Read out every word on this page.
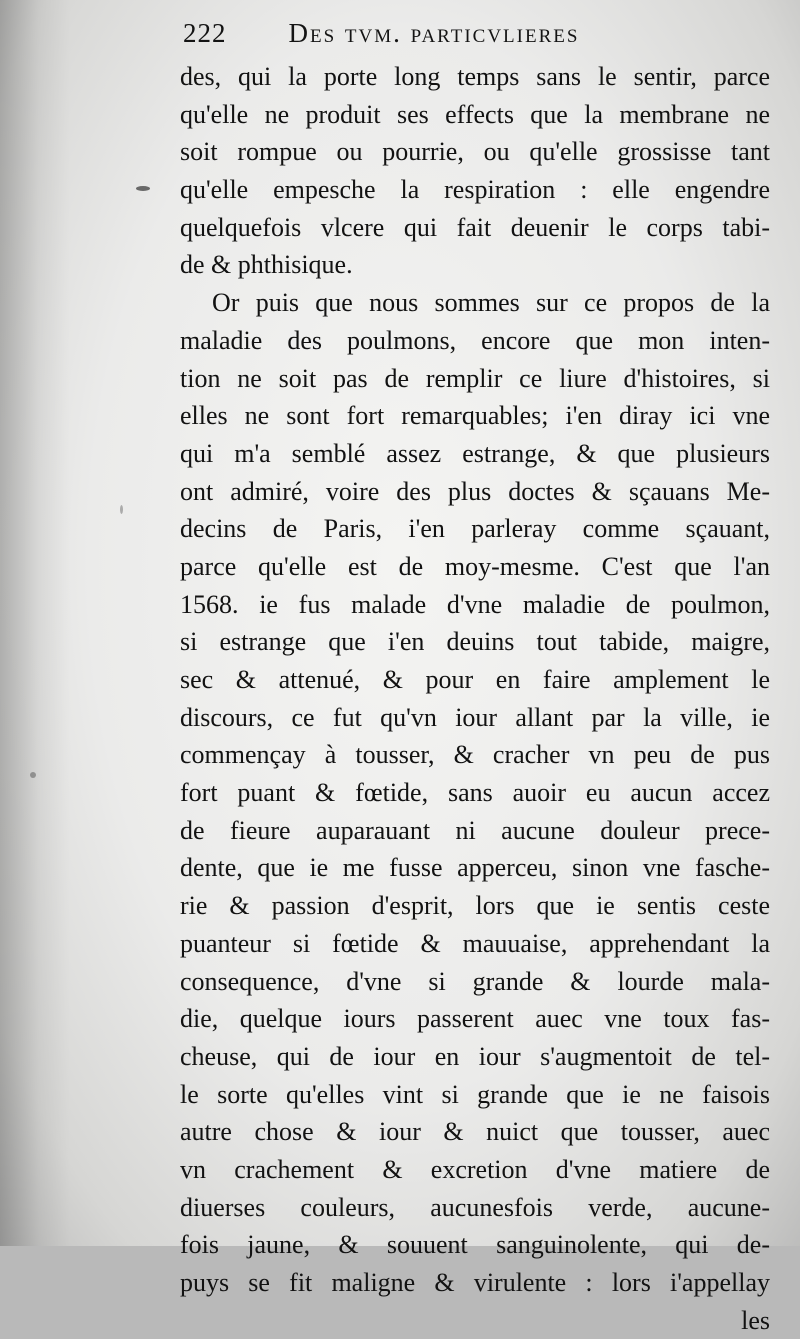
222 Des tvm. particvlieres
des, qui la porte long temps sans le sentir, parce
qu'elle ne produit ses effects que la membrane ne
soit rompue ou pourrie, ou qu'elle grossisse tant
qu'elle empesche la respiration : elle engendre
quelquefois vlcere qui fait deuenir le corps tabi-
de & phthisique.
Or puis que nous sommes sur ce propos de la
maladie des poulmons, encore que mon inten-
tion ne soit pas de remplir ce liure d'histoires, si
elles ne sont fort remarquables; i'en diray ici vne
qui m'a semblé assez estrange, & que plusieurs
ont admiré, voire des plus doctes & sçauans Me-
decins de Paris, i'en parleray comme sçauant,
parce qu'elle est de moy-mesme. C'est que l'an
1568. ie fus malade d'vne maladie de poulmon,
si estrange que i'en deuins tout tabide, maigre,
sec & attenué, & pour en faire amplement le
discours, ce fut qu'vn iour allant par la ville, ie
commençay à tousser, & cracher vn peu de pus
fort puant & fœtide, sans auoir eu aucun accez
de fieure auparauant ni aucune douleur prece-
dente, que ie me fusse apperceu, sinon vne fasche-
rie & passion d'esprit, lors que ie sentis ceste
puanteur si fœtide & mauuaise, apprehendant la
consequence, d'vne si grande & lourde mala-
die, quelque iours passerent auec vne toux fas-
cheuse, qui de iour en iour s'augmentoit de tel-
le sorte qu'elles vint si grande que ie ne faisois
autre chose & iour & nuict que tousser, auec
vn crachement & excretion d'vne matiere de
diuerses couleurs, aucunesfois verde, aucune-
fois jaune, & souuent sanguinolente, qui de-
puys se fit maligne & virulente : lors i'appellay
les
